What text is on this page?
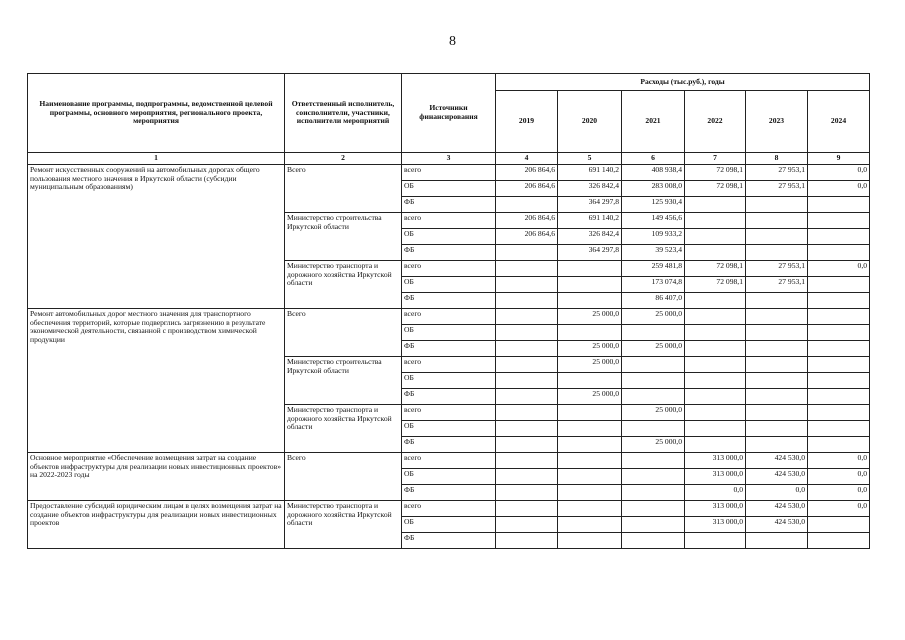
8
Наименование программы, подпрограммы, ведомственной целевой программы, основного мероприятия, регионального проекта, мероприятия	Ответственный исполнитель, соисполнители, участники, исполнители мероприятий	Источники финансирования	Расходы (тыс.руб.), годы					
			2019	2020	2021	2022	2023	2024
1	2	3	4	5	6	7	8	9
Ремонт искусственных сооружений на автомобильных дорогах общего пользования местного значения в Иркутской области (субсидии муниципальным образованиям)	Всего	всего	206 864,6	691 140,2	408 938,4	72 098,1	27 953,1	0,0
		ОБ	206 864,6	326 842,4	283 008,0	72 098,1	27 953,1	0,0
		ФБ		364 297,8	125 930,4			
	Министерство строительства Иркутской области	всего	206 864,6	691 140,2	149 456,6			
		ОБ	206 864,6	326 842,4	109 933,2			
		ФБ		364 297,8	39 523,4			
	Министерство транспорта и дорожного хозяйства Иркутской области	всего			259 481,8	72 098,1	27 953,1	0,0
		ОБ			173 074,8	72 098,1	27 953,1	
		ФБ			86 407,0			
Ремонт автомобильных дорог местного значения для транспортного обеспечения территорий, которые подверглись загрязнению в результате экономической деятельности, связанной с производством химической продукции	Всего	всего		25 000,0	25 000,0			
		ОБ						
		ФБ		25 000,0	25 000,0			
	Министерство строительства Иркутской области	всего		25 000,0				
		ОБ						
		ФБ		25 000,0				
	Министерство транспорта и дорожного хозяйства Иркутской области	всего			25 000,0			
		ОБ						
		ФБ			25 000,0			
Основное мероприятие «Обеспечение возмещения затрат на создание объектов инфраструктуры для реализации новых инвестиционных проектов» на 2022-2023 годы	Всего	всего				313 000,0	424 530,0	0,0
		ОБ				313 000,0	424 530,0	0,0
		ФБ				0,0	0,0	0,0
Предоставление субсидий юридическим лицам в целях возмещения затрат на создание объектов инфраструктуры для реализации новых инвестиционных проектов	Министерство транспорта и дорожного хозяйства Иркутской области	всего				313 000,0	424 530,0	0,0
		ОБ				313 000,0	424 530,0	
		ФБ						
